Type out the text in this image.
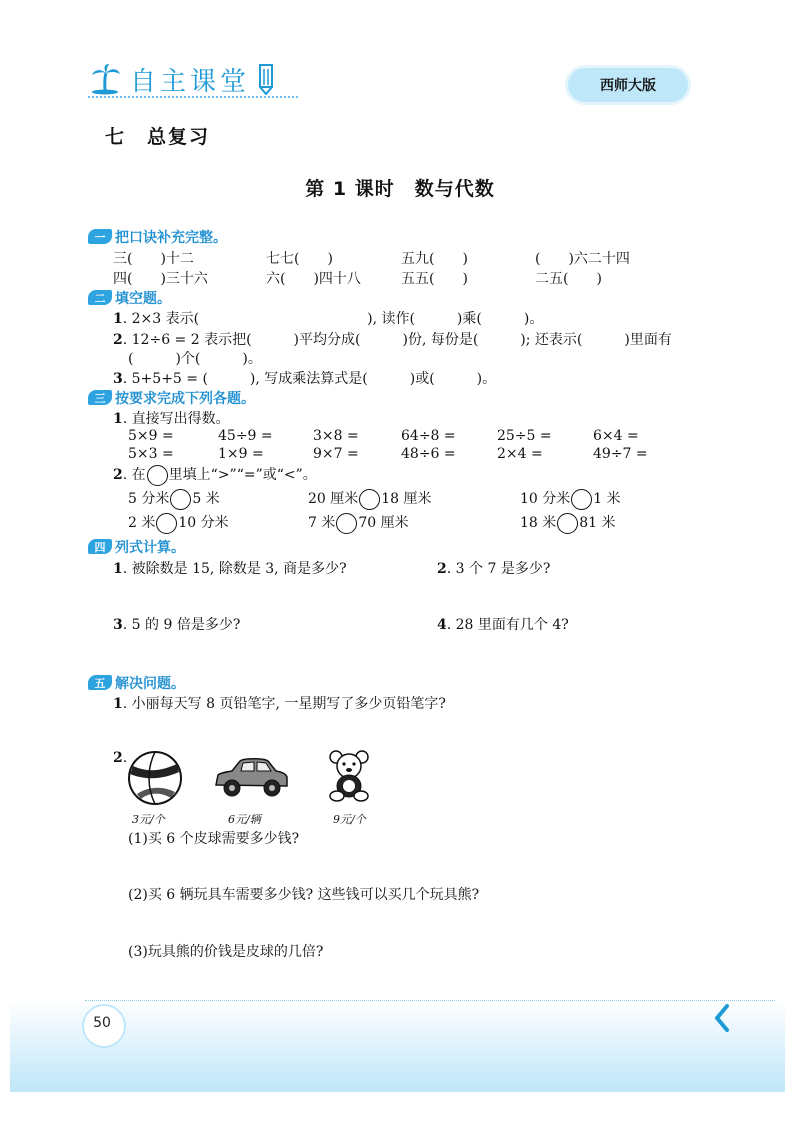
自主课堂	西师大版
七　总复习
第 1 课时　数与代数
一 把口诀补充完整。
三(　　)十二	七七(　　)	五九(　　)	(　　)六二十四
四(　　)三十六	六(　　)四十八	五五(　　)	二五(　　)
二 填空题。
1. 2×3 表示(　　　　　　　　　　　　), 读作(　　　)乘(　　　)。
2. 12÷6 = 2 表示把(　　　)平均分成(　　　)份, 每份是(　　　); 还表示(　　　)里面有
(　　　)个(　　　)。
3. 5+5+5 = (　　　), 写成乘法算式是(　　　)或(　　　)。
三 按要求完成下列各题。
1. 直接写出得数。
5×9 =	45÷9 =	3×8 =	64÷8 =	25÷5 =	6×4 =
5×3 =	1×9 =	9×7 =	48÷6 =	2×4 =	49÷7 =
2. 在 里填上“>”“=”或“<”。
5 分米 5 米	20 厘米 18 厘米	10 分米 1 米
2 米 10 分米	7 米 70 厘米	18 米 81 米
四 列式计算。
1. 被除数是 15, 除数是 3, 商是多少?	2. 3 个 7 是多少?
3. 5 的 9 倍是多少?	4. 28 里面有几个 4?
五 解决问题。
1. 小丽每天写 8 页铅笔字, 一星期写了多少页铅笔字?
2.
3元/个	6元/辆	9元/个
(1)买 6 个皮球需要多少钱?
(2)买 6 辆玩具车需要多少钱? 这些钱可以买几个玩具熊?
(3)玩具熊的价钱是皮球的几倍?
50
